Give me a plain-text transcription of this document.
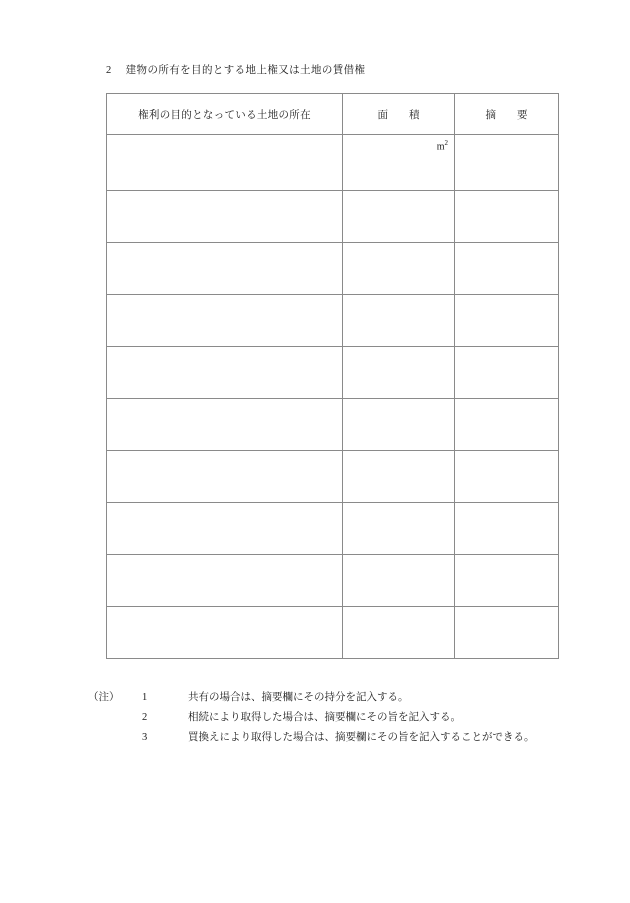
2 建物の所有を目的とする地上権又は土地の賃借権
権利の目的となっている土地の所在	面　　積	摘　　要

	$m^2$

（注）	1	共有の場合は、摘要欄にその持分を記入する。
2	相続により取得した場合は、摘要欄にその旨を記入する。
3	買換えにより取得した場合は、摘要欄にその旨を記入することができる。
